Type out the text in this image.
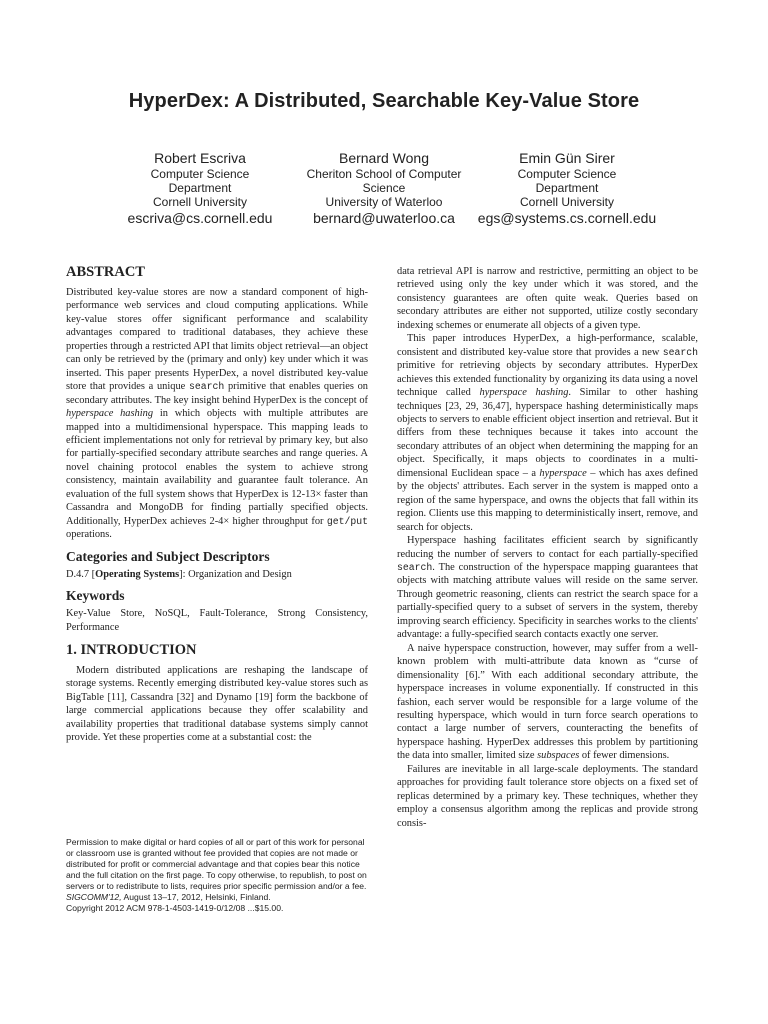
HyperDex: A Distributed, Searchable Key-Value Store
Robert Escriva
Computer Science
Department
Cornell University
escriva@cs.cornell.edu
Bernard Wong
Cheriton School of Computer
Science
University of Waterloo
bernard@uwaterloo.ca
Emin Gün Sirer
Computer Science
Department
Cornell University
egs@systems.cs.cornell.edu
ABSTRACT

Distributed key-value stores are now a standard component of high-performance web services and cloud computing applications. While key-value stores offer significant performance and scalability advantages compared to traditional databases, they achieve these properties through a restricted API that limits object retrieval—an object can only be retrieved by the (primary and only) key under which it was inserted. This paper presents HyperDex, a novel distributed key-value store that provides a unique search primitive that enables queries on secondary attributes. The key insight behind HyperDex is the concept of hyperspace hashing in which objects with multiple attributes are mapped into a multidimensional hyperspace. This mapping leads to efficient implementations not only for retrieval by primary key, but also for partially-specified secondary attribute searches and range queries. A novel chaining protocol enables the system to achieve strong consistency, maintain availability and guarantee fault tolerance. An evaluation of the full system shows that HyperDex is 12-13× faster than Cassandra and MongoDB for finding partially specified objects. Additionally, HyperDex achieves 2-4× higher throughput for get/put operations.

Categories and Subject Descriptors

D.4.7 [Operating Systems]: Organization and Design

Keywords

Key-Value Store, NoSQL, Fault-Tolerance, Strong Consistency, Performance

1. INTRODUCTION

Modern distributed applications are reshaping the landscape of storage systems. Recently emerging distributed key-value stores such as BigTable [11], Cassandra [32] and Dynamo [19] form the backbone of large commercial applications because they offer scalability and availability properties that traditional database systems simply cannot provide. Yet these properties come at a substantial cost: the

Permission to make digital or hard copies of all or part of this work for personal or classroom use is granted without fee provided that copies are not made or distributed for profit or commercial advantage and that copies bear this notice and the full citation on the first page. To copy otherwise, to republish, to post on servers or to redistribute to lists, requires prior specific permission and/or a fee.

SIGCOMM'12, August 13–17, 2012, Helsinki, Finland.

Copyright 2012 ACM 978-1-4503-1419-0/12/08 ...$15.00.

data retrieval API is narrow and restrictive, permitting an object to be retrieved using only the key under which it was stored, and the consistency guarantees are often quite weak. Queries based on secondary attributes are either not supported, utilize costly secondary indexing schemes or enumerate all objects of a given type.

This paper introduces HyperDex, a high-performance, scalable, consistent and distributed key-value store that provides a new search primitive for retrieving objects by secondary attributes. HyperDex achieves this extended functionality by organizing its data using a novel technique called hyperspace hashing. Similar to other hashing techniques [23, 29, 36,47], hyperspace hashing deterministically maps objects to servers to enable efficient object insertion and retrieval. But it differs from these techniques because it takes into account the secondary attributes of an object when determining the mapping for an object. Specifically, it maps objects to coordinates in a multi-dimensional Euclidean space – a hyperspace – which has axes defined by the objects' attributes. Each server in the system is mapped onto a region of the same hyperspace, and owns the objects that fall within its region. Clients use this mapping to deterministically insert, remove, and search for objects.

Hyperspace hashing facilitates efficient search by significantly reducing the number of servers to contact for each partially-specified search. The construction of the hyperspace mapping guarantees that objects with matching attribute values will reside on the same server. Through geometric reasoning, clients can restrict the search space for a partially-specified query to a subset of servers in the system, thereby improving search efficiency. Specificity in searches works to the clients' advantage: a fully-specified search contacts exactly one server.

A naive hyperspace construction, however, may suffer from a well-known problem with multi-attribute data known as “curse of dimensionality [6].” With each additional secondary attribute, the hyperspace increases in volume exponentially. If constructed in this fashion, each server would be responsible for a large volume of the resulting hyperspace, which would in turn force search operations to contact a large number of servers, counteracting the benefits of hyperspace hashing. HyperDex addresses this problem by partitioning the data into smaller, limited size subspaces of fewer dimensions.

Failures are inevitable in all large-scale deployments. The standard approaches for providing fault tolerance store objects on a fixed set of replicas determined by a primary key. These techniques, whether they employ a consensus algorithm among the replicas and provide strong consis-
